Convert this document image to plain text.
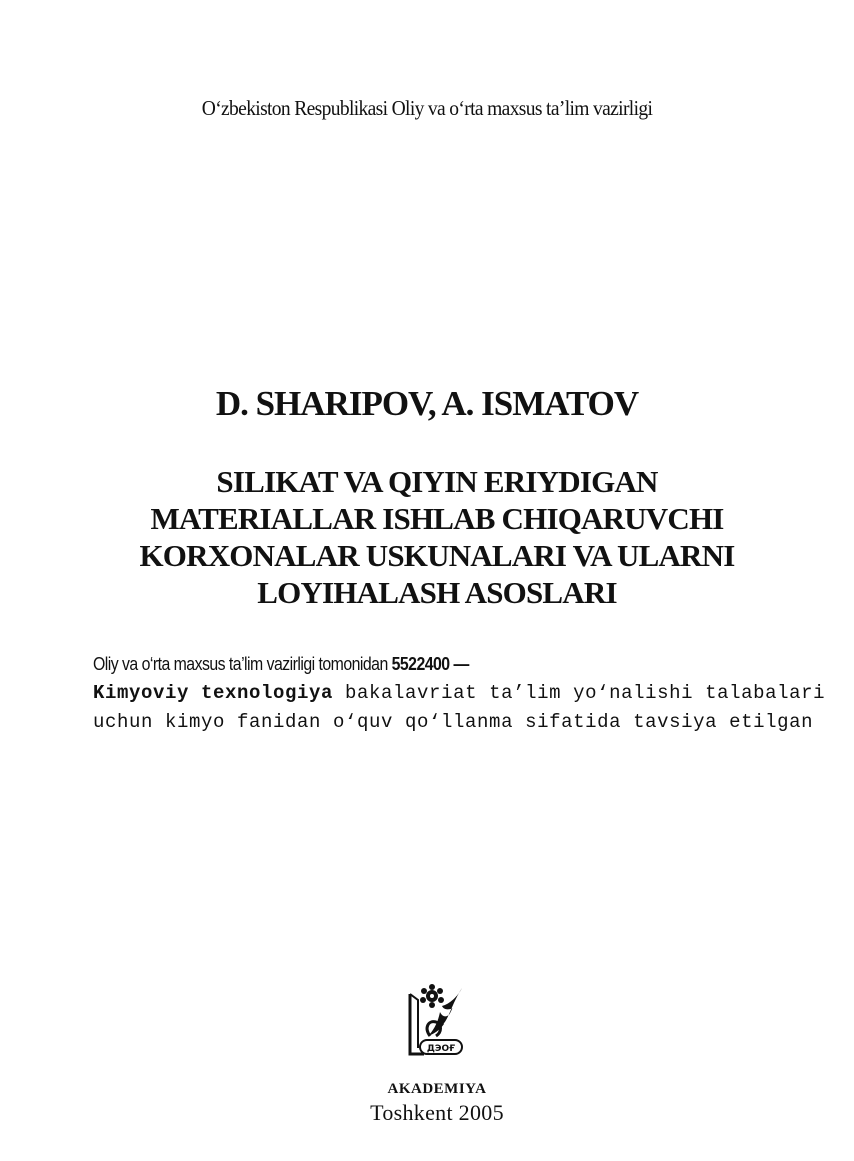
O‘zbekiston Respublikasi Oliy va o‘rta maxsus ta’lim vazirligi
D. SHARIPOV, A. ISMATOV
SILIKAT VA QIYIN ERIYDIGAN
MATERIALLAR ISHLAB CHIQARUVCHI
KORXONALAR USKUNALARI VA ULARNI
LOYIHALASH ASOSLARI
Oliy va o‘rta maxsus ta’lim vazirligi tomonidan 5522400 —
Kimyoviy texnologiya bakalavriat ta’lim yo‘nalishi talabalari
uchun kimyo fanidan o‘quv qo‘llanma sifatida tavsiya etilgan
ДЭОҒ
AKADEMIYA
Toshkent 2005
